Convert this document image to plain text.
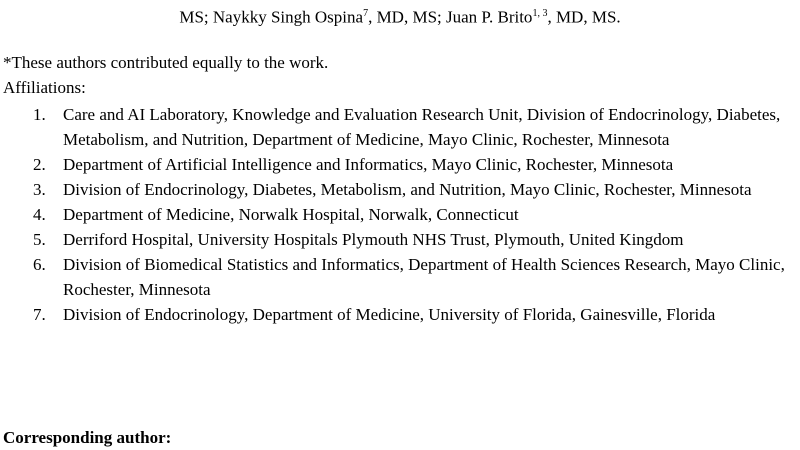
MS; Naykky Singh Ospina$^7$, MD, MS; Juan P. Brito$^{1, 3}$, MD, MS.
*These authors contributed equally to the work.
Affiliations:
1. Care and AI Laboratory, Knowledge and Evaluation Research Unit, Division of Endocrinology, Diabetes, Metabolism, and Nutrition, Department of Medicine, Mayo Clinic, Rochester, Minnesota
2. Department of Artificial Intelligence and Informatics, Mayo Clinic, Rochester, Minnesota
3. Division of Endocrinology, Diabetes, Metabolism, and Nutrition, Mayo Clinic, Rochester, Minnesota
4. Department of Medicine, Norwalk Hospital, Norwalk, Connecticut
5. Derriford Hospital, University Hospitals Plymouth NHS Trust, Plymouth, United Kingdom
6. Division of Biomedical Statistics and Informatics, Department of Health Sciences Research, Mayo Clinic, Rochester, Minnesota
7. Division of Endocrinology, Department of Medicine, University of Florida, Gainesville, Florida
Corresponding author:
